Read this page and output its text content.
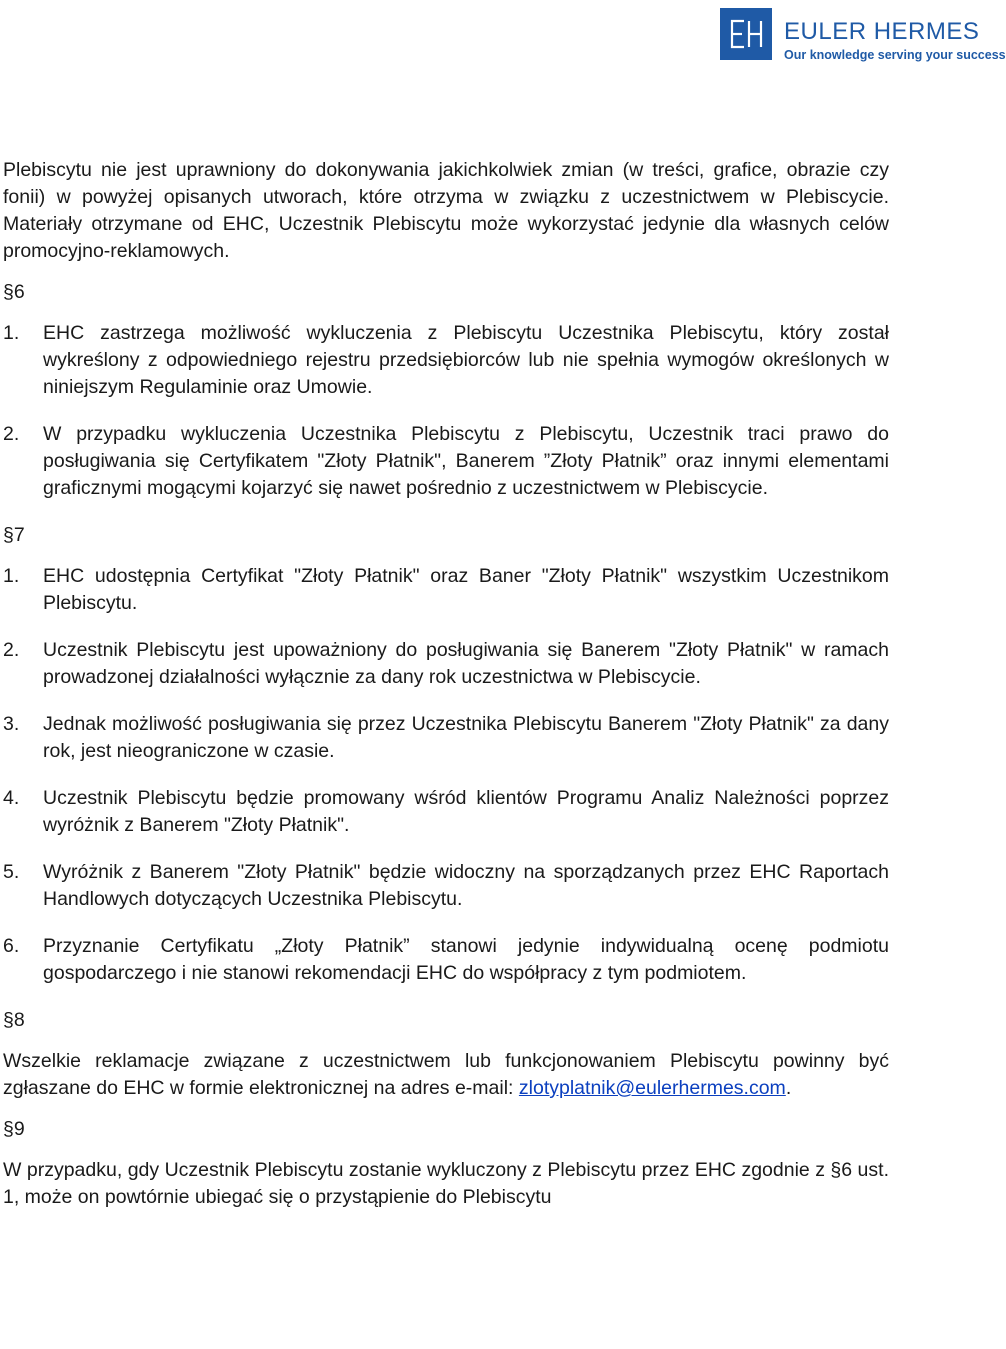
EULER HERMES
Our knowledge serving your success

Plebiscytu nie jest uprawniony do dokonywania jakichkolwiek zmian (w treści, grafice, obrazie czy fonii) w powyżej opisanych utworach, które otrzyma w związku z uczestnictwem w Plebiscycie. Materiały otrzymane od EHC, Uczestnik Plebiscytu może wykorzystać jedynie dla własnych celów promocyjno-reklamowych.

§6

1.	EHC zastrzega możliwość wykluczenia z Plebiscytu Uczestnika Plebiscytu, który został wykreślony z odpowiedniego rejestru przedsiębiorców lub nie spełnia wymogów określonych w niniejszym Regulaminie oraz Umowie.
2.	W przypadku wykluczenia Uczestnika Plebiscytu z Plebiscytu, Uczestnik traci prawo do posługiwania się Certyfikatem "Złoty Płatnik", Banerem ”Złoty Płatnik” oraz innymi elementami graficznymi mogącymi kojarzyć się nawet pośrednio z uczestnictwem w Plebiscycie.

§7

1.	EHC udostępnia Certyfikat "Złoty Płatnik" oraz Baner "Złoty Płatnik" wszystkim Uczestnikom Plebiscytu.
2.	Uczestnik Plebiscytu jest upoważniony do posługiwania się Banerem "Złoty Płatnik" w ramach prowadzonej działalności wyłącznie za dany rok uczestnictwa w Plebiscycie.
3.	Jednak możliwość posługiwania się przez Uczestnika Plebiscytu Banerem "Złoty Płatnik" za dany rok, jest nieograniczone w czasie.
4.	Uczestnik Plebiscytu będzie promowany wśród klientów Programu Analiz Należności poprzez wyróżnik z Banerem "Złoty Płatnik".
5.	Wyróżnik z Banerem "Złoty Płatnik" będzie widoczny na sporządzanych przez EHC Raportach Handlowych dotyczących Uczestnika Plebiscytu.
6.	Przyznanie Certyfikatu „Złoty Płatnik” stanowi jedynie indywidualną ocenę podmiotu gospodarczego i nie stanowi rekomendacji EHC do współpracy z tym podmiotem.

§8

Wszelkie reklamacje związane z uczestnictwem lub funkcjonowaniem Plebiscytu powinny być zgłaszane do EHC w formie elektronicznej na adres e-mail: zlotyplatnik@eulerhermes.com.

§9

W przypadku, gdy Uczestnik Plebiscytu zostanie wykluczony z Plebiscytu przez EHC zgodnie z §6 ust. 1, może on powtórnie ubiegać się o przystąpienie do Plebiscytu
